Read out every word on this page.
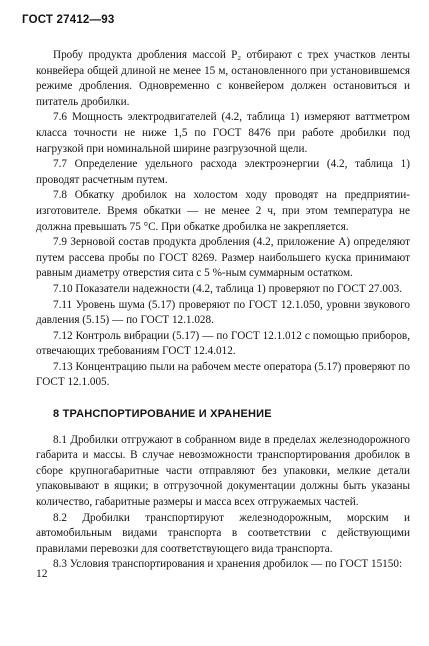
ГОСТ 27412—93

Пробу продукта дробления массой P₂ отбирают с трех участков ленты конвейера общей длиной не менее 15 м, остановленного при установившемся режиме дробления. Одновременно с конвейером должен остановиться и питатель дробилки.

7.6 Мощность электродвигателей (4.2, таблица 1) измеряют ваттметром класса точности не ниже 1,5 по ГОСТ 8476 при работе дробилки под нагрузкой при номинальной ширине разгрузочной щели.

7.7 Определение удельного расхода электроэнергии (4.2, таблица 1) проводят расчетным путем.

7.8 Обкатку дробилок на холостом ходу проводят на предприятии-изготовителе. Время обкатки — не менее 2 ч, при этом температура не должна превышать 75 °С. При обкатке дробилка не закрепляется.

7.9 Зерновой состав продукта дробления (4.2, приложение А) определяют путем рассева пробы по ГОСТ 8269. Размер наибольшего куска принимают равным диаметру отверстия сита с 5 %-ным суммарным остатком.

7.10 Показатели надежности (4.2, таблица 1) проверяют по ГОСТ 27.003.

7.11 Уровень шума (5.17) проверяют по ГОСТ 12.1.050, уровни звукового давления (5.15) — по ГОСТ 12.1.028.

7.12 Контроль вибрации (5.17) — по ГОСТ 12.1.012 с помощью приборов, отвечающих требованиям ГОСТ 12.4.012.

7.13 Концентрацию пыли на рабочем месте оператора (5.17) проверяют по ГОСТ 12.1.005.

8 ТРАНСПОРТИРОВАНИЕ И ХРАНЕНИЕ

8.1 Дробилки отгружают в собранном виде в пределах железнодорожного габарита и массы. В случае невозможности транспортирования дробилок в сборе крупногабаритные части отправляют без упаковки, мелкие детали упаковывают в ящики; в отгрузочной документации должны быть указаны количество, габаритные размеры и масса всех отгружаемых частей.

8.2 Дробилки транспортируют железнодорожным, морским и автомобильным видами транспорта в соответствии с действующими правилами перевозки для соответствующего вида транспорта.

8.3 Условия транспортирования и хранения дробилок — по ГОСТ 15150:

12
